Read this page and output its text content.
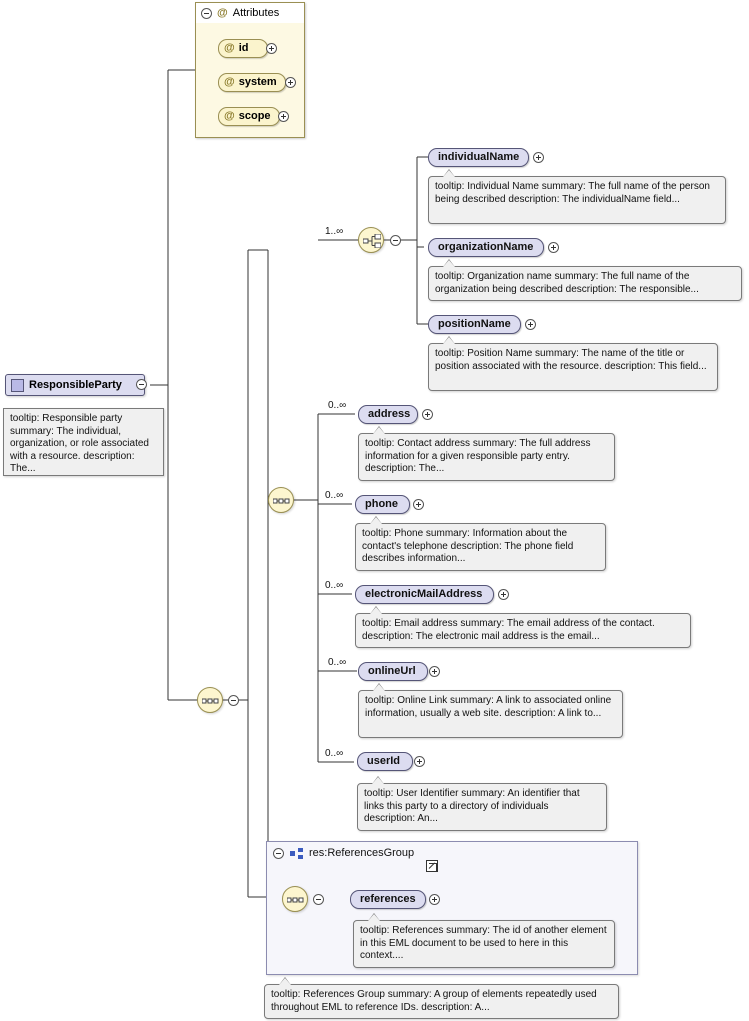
ResponsibleParty
tooltip: Responsible party summary: The individual, organization, or role associated with a resource. description: The...
@ Attributes
@ id
@ system
@ scope
1..∞
individualName
tooltip: Individual Name summary: The full name of the person being described description: The individualName field...
organizationName
tooltip: Organization name summary: The full name of the organization being described description: The responsible...
positionName
tooltip: Position Name summary: The name of the title or position associated with the resource. description: This field...
0..∞
address
tooltip: Contact address summary: The full address information for a given responsible party entry. description: The...
0..∞
phone
tooltip: Phone summary: Information about the contact's telephone description: The phone field describes information...
0..∞
electronicMailAddress
tooltip: Email address summary: The email address of the contact. description: The electronic mail address is the email...
0..∞
onlineUrl
tooltip: Online Link summary: A link to associated online information, usually a web site. description: A link to...
0..∞
userId
tooltip: User Identifier summary: An identifier that links this party to a directory of individuals description: An...
res:ReferencesGroup
references
tooltip: References summary: The id of another element in this EML document to be used to here in this context....
tooltip: References Group summary: A group of elements repeatedly used throughout EML to reference IDs. description: A...
